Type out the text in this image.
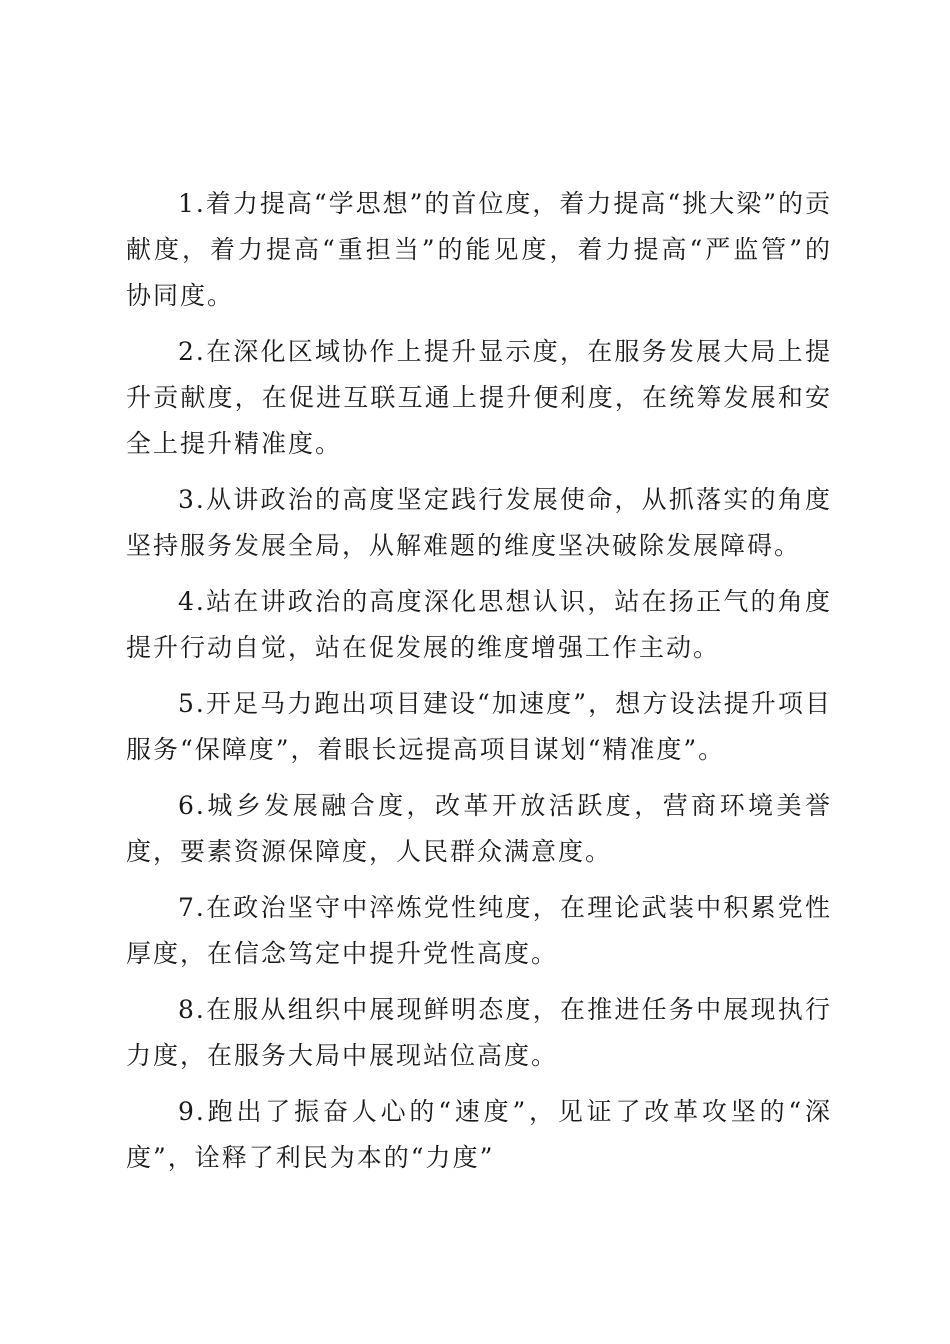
1.着力提高“学思想”的首位度，着力提高“挑大梁”的贡献度，着力提高“重担当”的能见度，着力提高“严监管”的协同度。

2.在深化区域协作上提升显示度，在服务发展大局上提升贡献度，在促进互联互通上提升便利度，在统筹发展和安全上提升精准度。

3.从讲政治的高度坚定践行发展使命，从抓落实的角度坚持服务发展全局，从解难题的维度坚决破除发展障碍。

4.站在讲政治的高度深化思想认识，站在扬正气的角度提升行动自觉，站在促发展的维度增强工作主动。

5.开足马力跑出项目建设“加速度”，想方设法提升项目服务“保障度”，着眼长远提高项目谋划“精准度”。

6.城乡发展融合度，改革开放活跃度，营商环境美誉度，要素资源保障度，人民群众满意度。

7.在政治坚守中淬炼党性纯度，在理论武装中积累党性厚度，在信念笃定中提升党性高度。

8.在服从组织中展现鲜明态度，在推进任务中展现执行力度，在服务大局中展现站位高度。

9.跑出了振奋人心的“速度”，见证了改革攻坚的“深度”，诠释了利民为本的“力度”
